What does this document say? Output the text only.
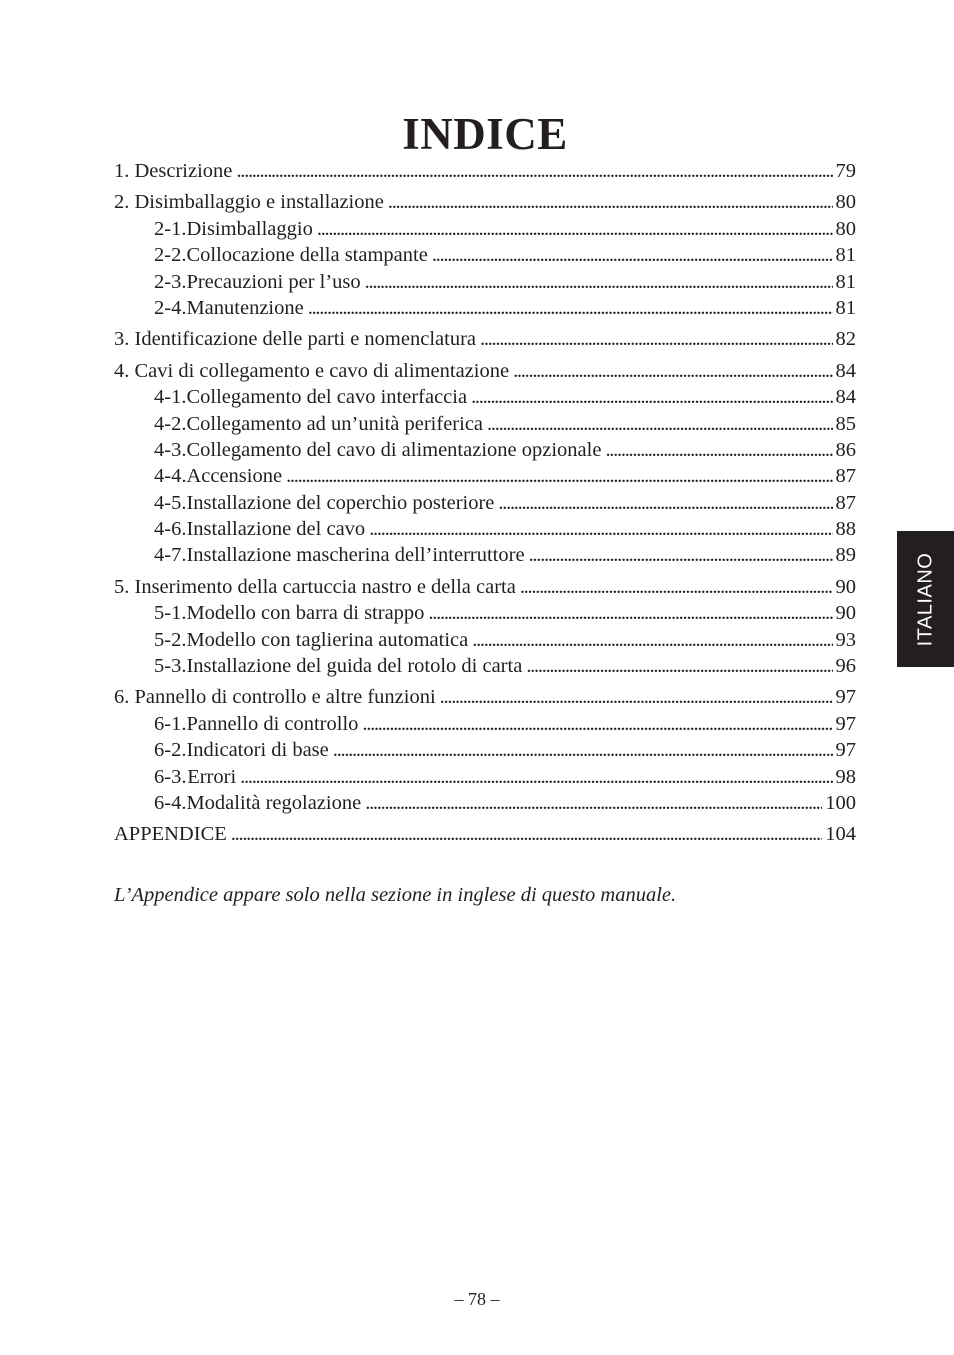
INDICE
1. Descrizione . . .	79
2. Disimballaggio e installazione . . .	80
2-1. Disimballaggio . . .	80
2-2. Collocazione della stampante . . .	81
2-3. Precauzioni per l’uso . . .	81
2-4. Manutenzione . . .	81
3. Identificazione delle parti e nomenclatura . . .	82
4. Cavi di collegamento e cavo di alimentazione . . .	84
4-1. Collegamento del cavo interfaccia . . .	84
4-2. Collegamento ad un’unità periferica . . .	85
4-3. Collegamento del cavo di alimentazione opzionale . . .	86
4-4. Accensione . . .	87
4-5. Installazione del coperchio posteriore . . .	87
4-6. Installazione del cavo . . .	88
4-7. Installazione mascherina dell’interruttore . . .	89
5. Inserimento della cartuccia nastro e della carta . . .	90
5-1. Modello con barra di strappo . . .	90
5-2. Modello con taglierina automatica . . .	93
5-3. Installazione del guida del rotolo di carta . . .	96
6. Pannello di controllo e altre funzioni . . .	97
6-1. Pannello di controllo . . .	97
6-2. Indicatori di base . . .	97
6-3. Errori . . .	98
6-4. Modalità regolazione . . .	100
APPENDICE . . .	104
L’Appendice appare solo nella sezione in inglese di questo manuale.
ITALIANO
– 78 –
